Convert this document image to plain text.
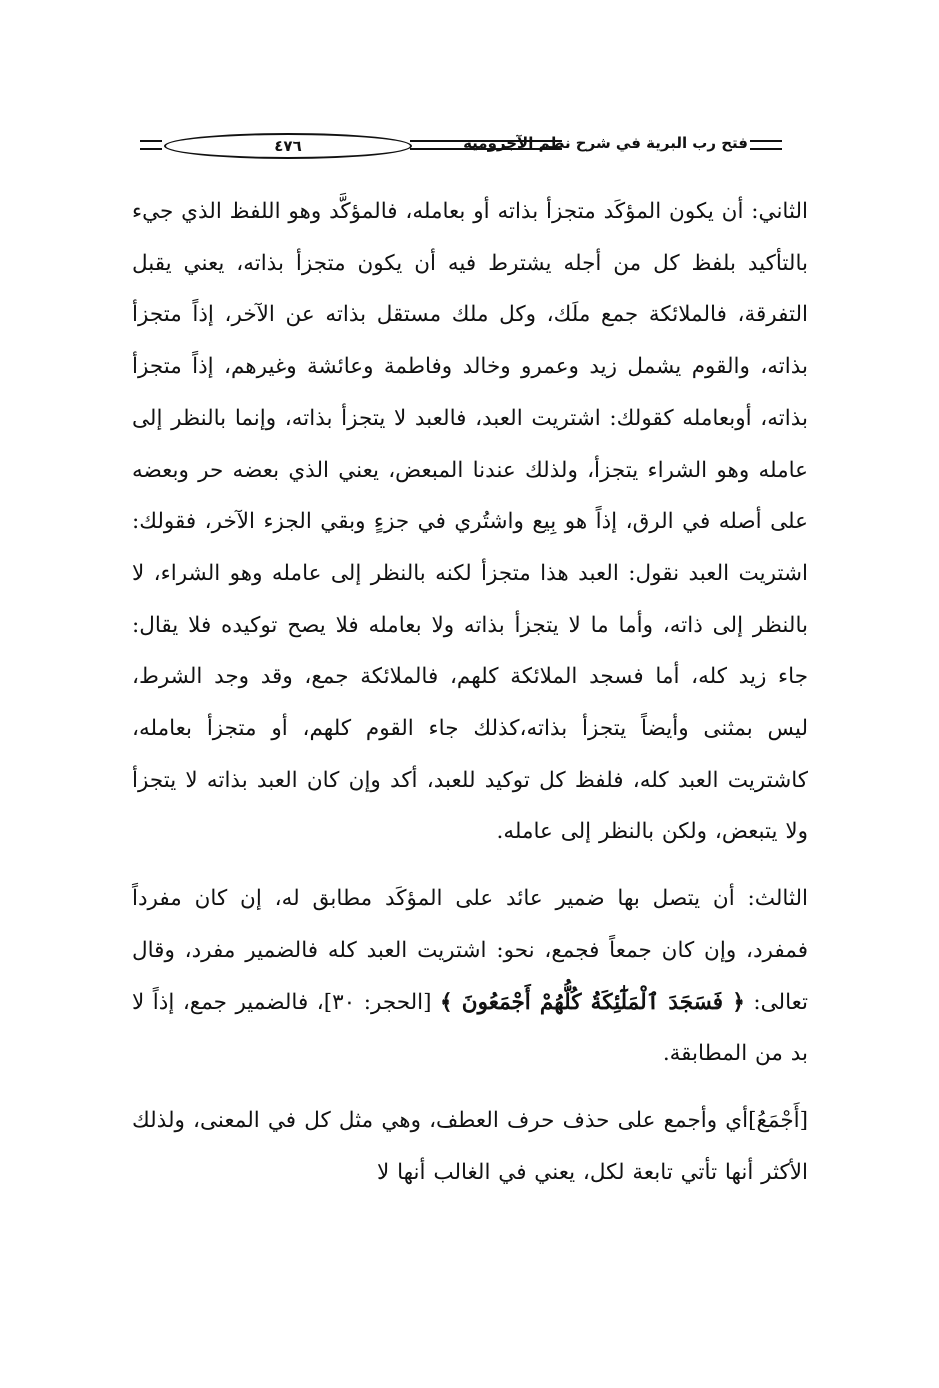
فتح رب البرية في شرح نظم الآجرومية
٤٧٦

الثاني: أن يكون المؤكَد متجزأ بذاته أو بعامله، فالمؤكَّد وهو اللفظ الذي جيء بالتأكيد بلفظ كل من أجله يشترط فيه أن يكون متجزأ بذاته، يعني يقبل التفرقة، فالملائكة جمع ملَك، وكل ملك مستقل بذاته عن الآخر، إذاً متجزأ بذاته، والقوم يشمل زيد وعمرو وخالد وفاطمة وعائشة وغيرهم، إذاً متجزأ بذاته، أوبعامله كقولك: اشتريت العبد، فالعبد لا يتجزأ بذاته، وإنما بالنظر إلى عامله وهو الشراء يتجزأ، ولذلك عندنا المبعض، يعني الذي بعضه حر وبعضه على أصله في الرق، إذاً هو بِيع واشتُري في جزءٍ وبقي الجزء الآخر، فقولك: اشتريت العبد نقول: العبد هذا متجزأ لكنه بالنظر إلى عامله وهو الشراء، لا بالنظر إلى ذاته، وأما ما لا يتجزأ بذاته ولا بعامله فلا يصح توكيده فلا يقال: جاء زيد كله، أما فسجد الملائكة كلهم، فالملائكة جمع، وقد وجد الشرط، ليس بمثنى وأيضاً يتجزأ بذاته،كذلك جاء القوم كلهم، أو متجزأ بعامله، كاشتريت العبد كله، فلفظ كل توكيد للعبد، أكد وإن كان العبد بذاته لا يتجزأ ولا يتبعض، ولكن بالنظر إلى عامله.

الثالث: أن يتصل بها ضمير عائد على المؤكَد مطابق له، إن كان مفرداً فمفرد، وإن كان جمعاً فجمع، نحو: اشتريت العبد كله فالضمير مفرد، وقال تعالى: ﴿ فَسَجَدَ ٱلْمَلَٰٓئِكَةُ كُلُّهُمْ أَجْمَعُونَ ﴾ [الحجر: ٣٠]، فالضمير جمع، إذاً لا بد من المطابقة.

[أَجْمَعُ]أي وأجمع على حذف حرف العطف، وهي مثل كل في المعنى، ولذلك الأكثر أنها تأتي تابعة لكل، يعني في الغالب أنها لا
